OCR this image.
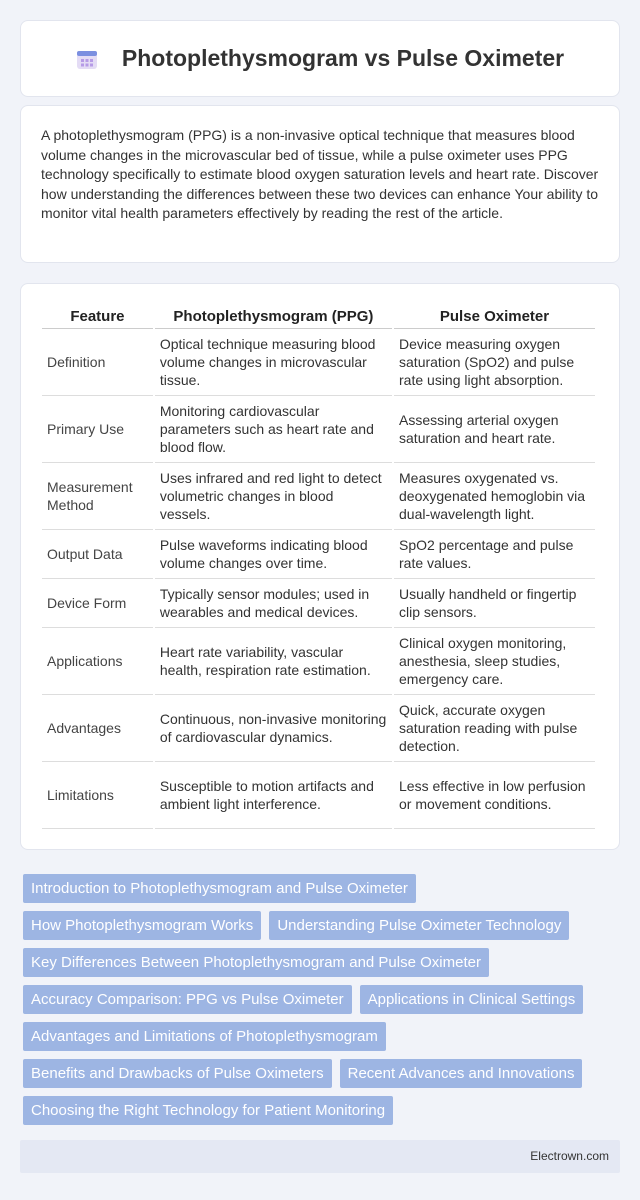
Photoplethysmogram vs Pulse Oximeter

A photoplethysmogram (PPG) is a non-invasive optical technique that measures blood volume changes in the microvascular bed of tissue, while a pulse oximeter uses PPG technology specifically to estimate blood oxygen saturation levels and heart rate. Discover how understanding the differences between these two devices can enhance Your ability to monitor vital health parameters effectively by reading the rest of the article.

Feature	Photoplethysmogram (PPG)	Pulse Oximeter
Definition	Optical technique measuring blood volume changes in microvascular tissue.	Device measuring oxygen saturation (SpO2) and pulse rate using light absorption.
Primary Use	Monitoring cardiovascular parameters such as heart rate and blood flow.	Assessing arterial oxygen saturation and heart rate.
Measurement Method	Uses infrared and red light to detect volumetric changes in blood vessels.	Measures oxygenated vs. deoxygenated hemoglobin via dual-wavelength light.
Output Data	Pulse waveforms indicating blood volume changes over time.	SpO2 percentage and pulse rate values.
Device Form	Typically sensor modules; used in wearables and medical devices.	Usually handheld or fingertip clip sensors.
Applications	Heart rate variability, vascular health, respiration rate estimation.	Clinical oxygen monitoring, anesthesia, sleep studies, emergency care.
Advantages	Continuous, non-invasive monitoring of cardiovascular dynamics.	Quick, accurate oxygen saturation reading with pulse detection.
Limitations	Susceptible to motion artifacts and ambient light interference.	Less effective in low perfusion or movement conditions.
Introduction to Photoplethysmogram and Pulse Oximeter
How Photoplethysmogram Works	Understanding Pulse Oximeter Technology
Key Differences Between Photoplethysmogram and Pulse Oximeter
Accuracy Comparison: PPG vs Pulse Oximeter	Applications in Clinical Settings
Advantages and Limitations of Photoplethysmogram
Benefits and Drawbacks of Pulse Oximeters	Recent Advances and Innovations
Choosing the Right Technology for Patient Monitoring
Electrown.com
